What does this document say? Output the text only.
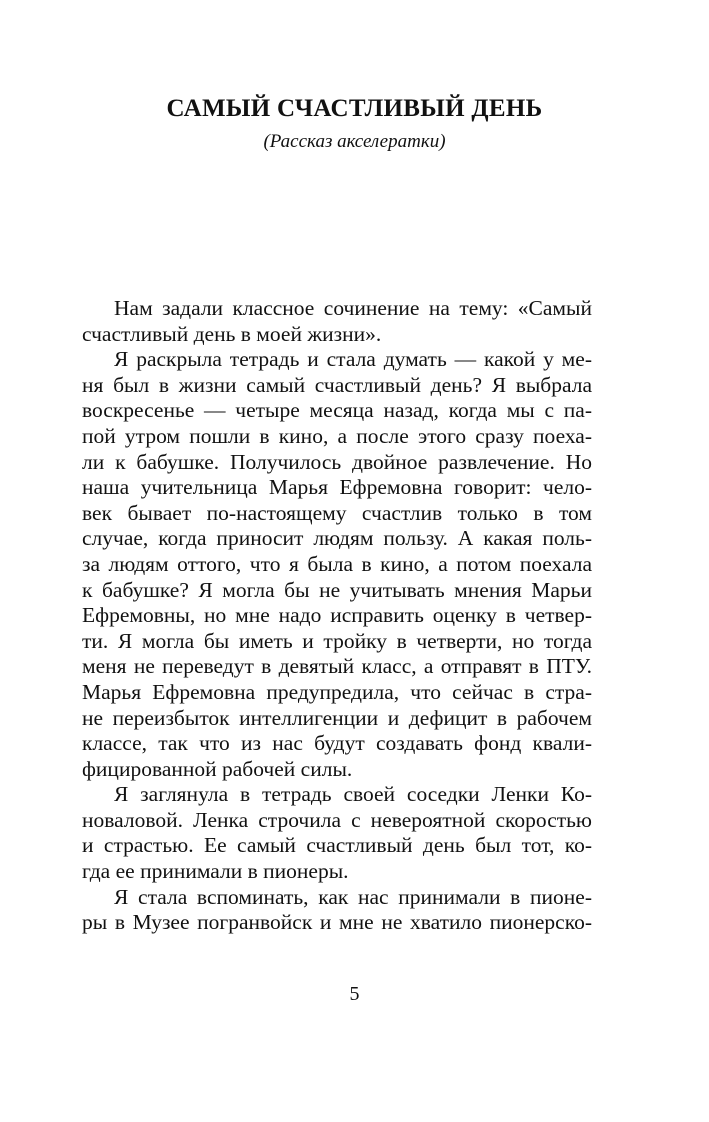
САМЫЙ СЧАСТЛИВЫЙ ДЕНЬ
(Рассказ акселератки)

Нам задали классное сочинение на тему: «Самый
счастливый день в моей жизни».

Я раскрыла тетрадь и стала думать — какой у ме-
ня был в жизни самый счастливый день? Я выбрала
воскресенье — четыре месяца назад, когда мы с па-
пой утром пошли в кино, а после этого сразу поеха-
ли к бабушке. Получилось двойное развлечение. Но
наша учительница Марья Ефремовна говорит: чело-
век бывает по-настоящему счастлив только в том
случае, когда приносит людям пользу. А какая поль-
за людям оттого, что я была в кино, а потом поехала
к бабушке? Я могла бы не учитывать мнения Марьи
Ефремовны, но мне надо исправить оценку в четвер-
ти. Я могла бы иметь и тройку в четверти, но тогда
меня не переведут в девятый класс, а отправят в ПТУ.
Марья Ефремовна предупредила, что сейчас в стра-
не переизбыток интеллигенции и дефицит в рабочем
классе, так что из нас будут создавать фонд квали-
фицированной рабочей силы.

Я заглянула в тетрадь своей соседки Ленки Ко-
новаловой. Ленка строчила с невероятной скоростью
и страстью. Ее самый счастливый день был тот, ко-
гда ее принимали в пионеры.

Я стала вспоминать, как нас принимали в пионе-
ры в Музее погранвойск и мне не хватило пионерско-

5
